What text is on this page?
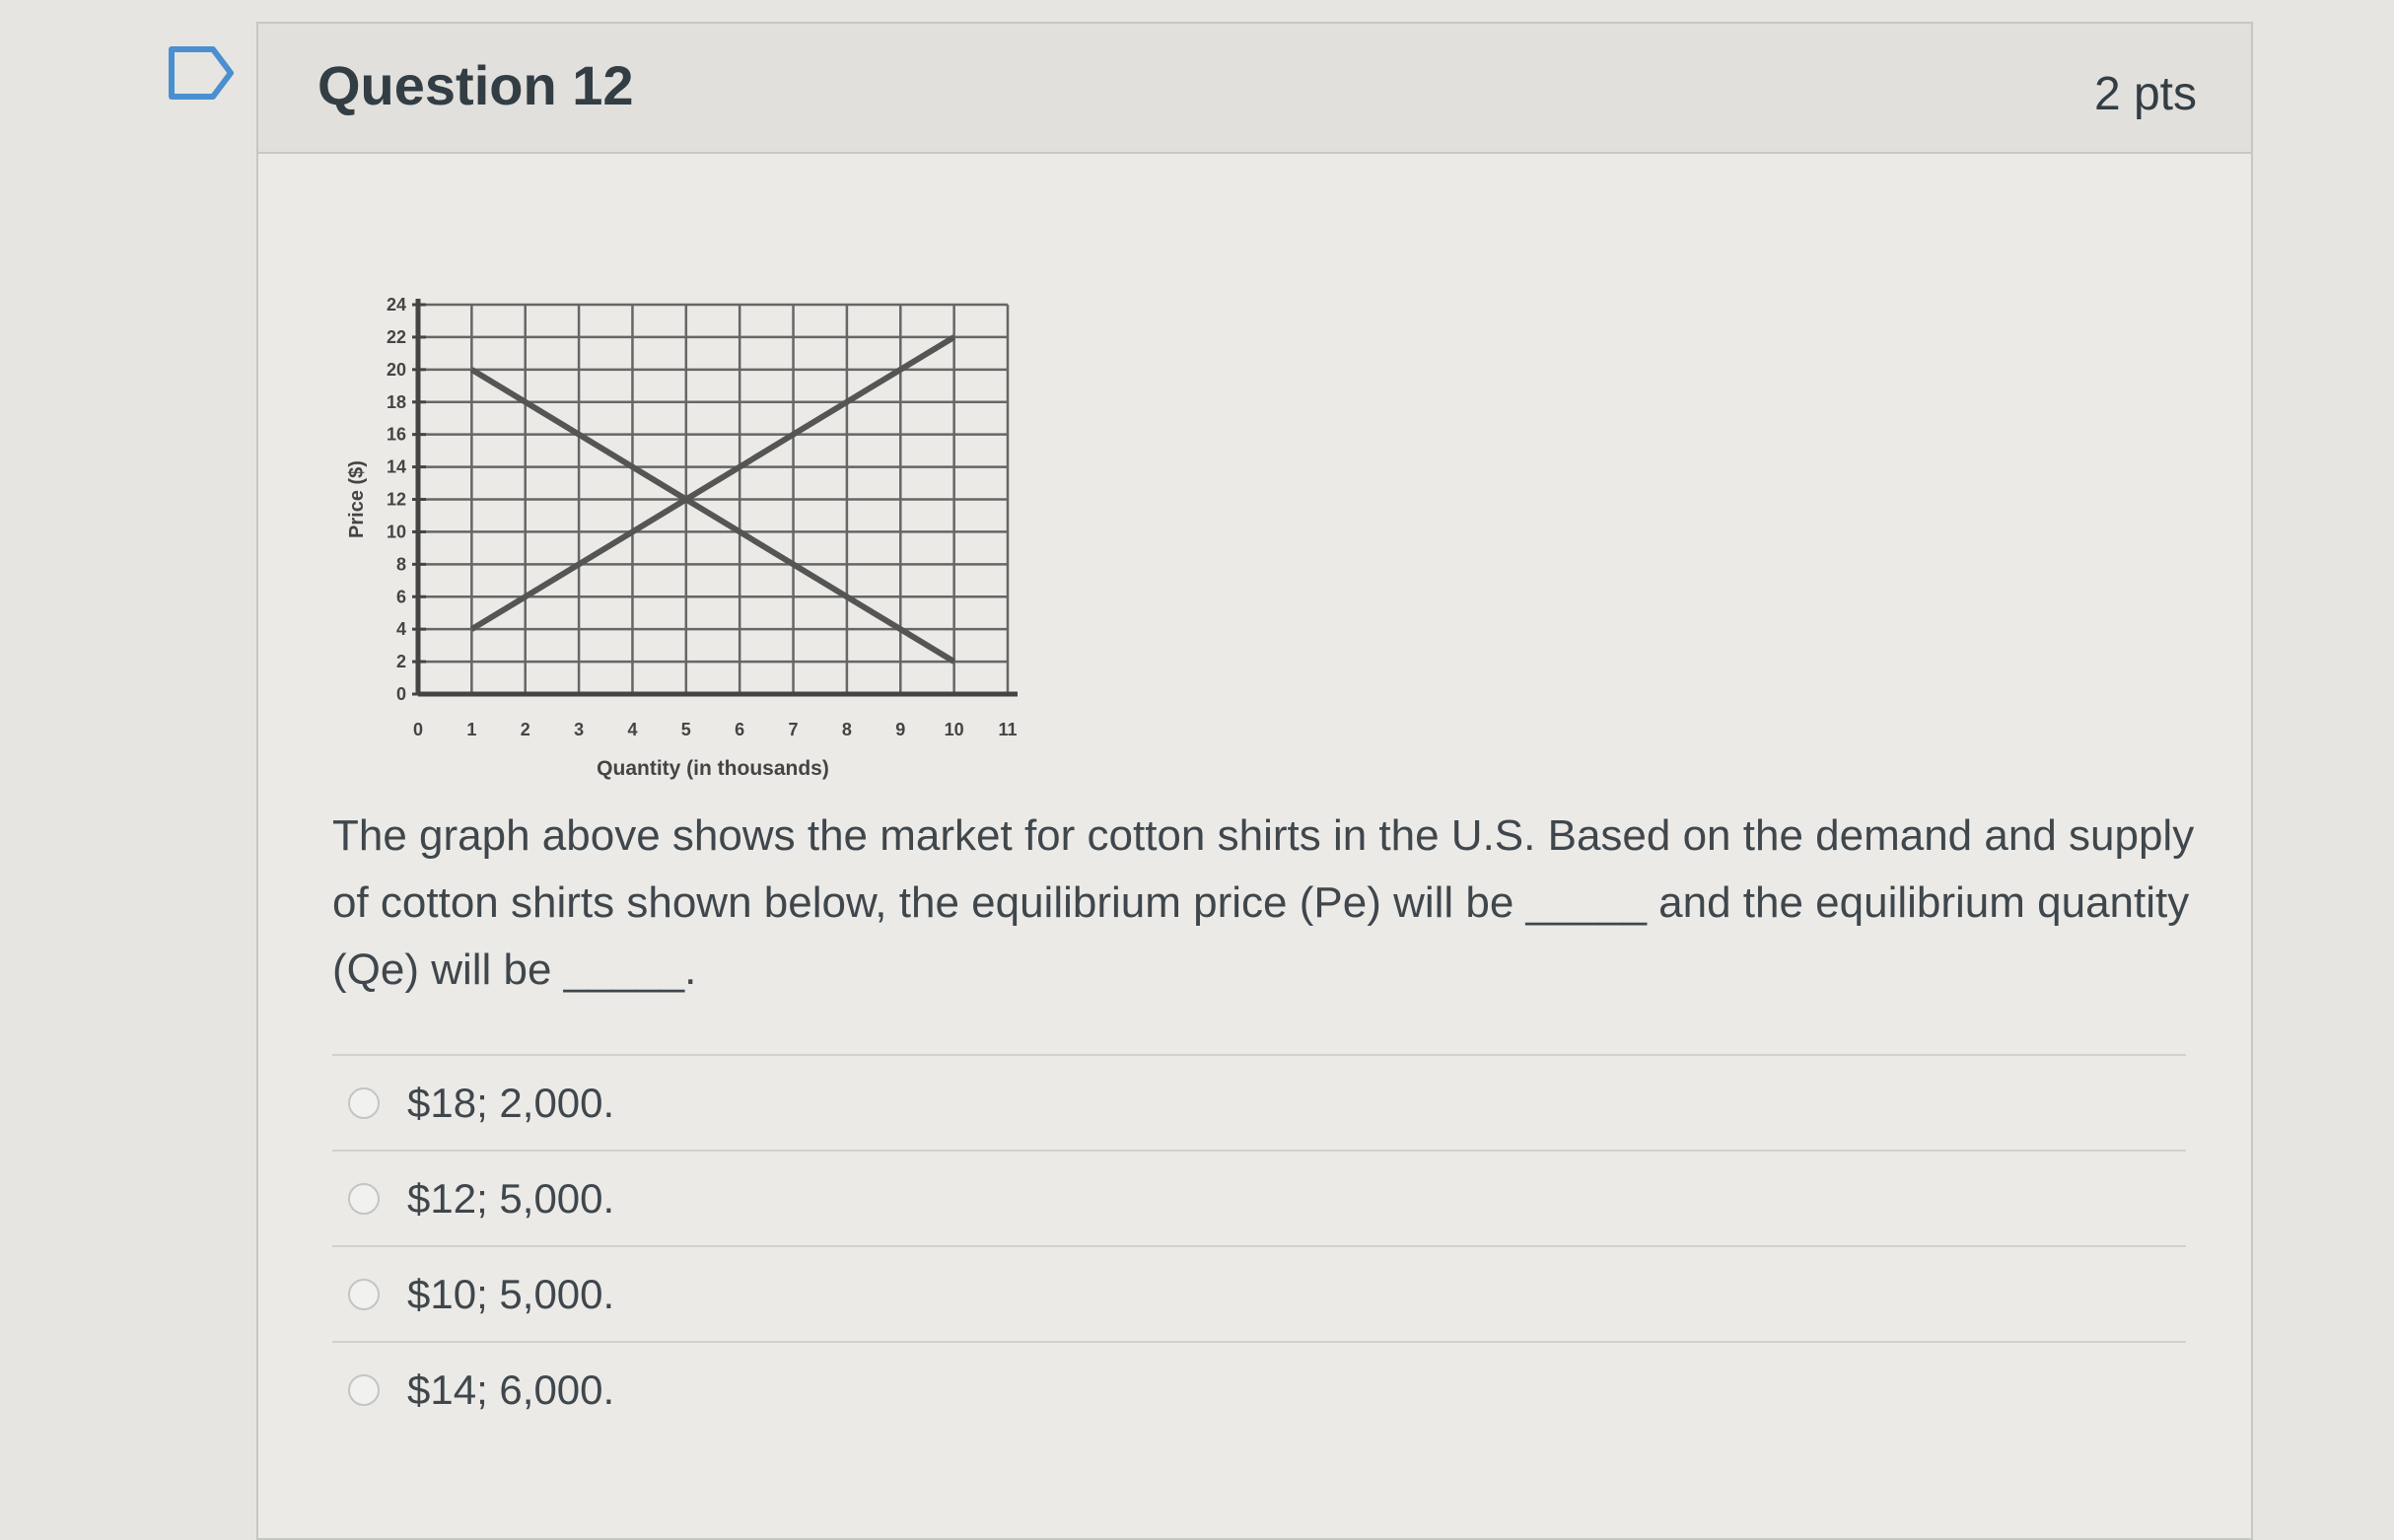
Question 12	2 pts
0
2
4
6
8
10
12
14
16
18
20
22
24
0 1 2 3 4 5 6 7 8 9 10 11
Quantity (in thousands)
Price ($)
The graph above shows the market for cotton shirts in the U.S. Based on the demand and supply of cotton shirts shown below, the equilibrium price (Pe) will be _____ and the equilibrium quantity (Qe) will be _____.
$18; 2,000.
$12; 5,000.
$10; 5,000.
$14; 6,000.
